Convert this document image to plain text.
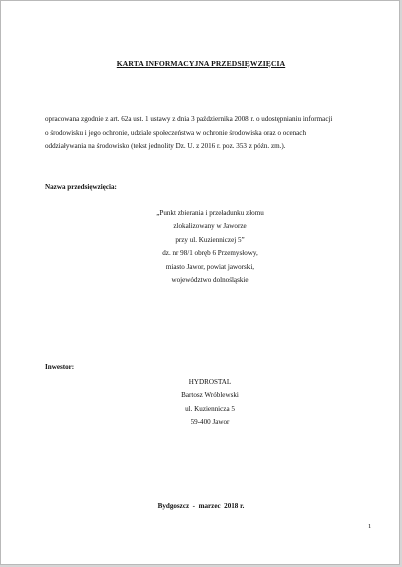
KARTA INFORMACYJNA PRZEDSIĘWZIĘCIA
opracowana zgodnie z art. 62a ust. 1 ustawy z dnia 3 października 2008 r. o udostępnianiu informacji
o środowisku i jego ochronie, udziale społeczeństwa w ochronie środowiska oraz o ocenach
oddziaływania na środowisko (tekst jednolity Dz. U. z 2016 r. poz. 353 z późn. zm.).
Nazwa przedsięwzięcia:
„Punkt zbierania i przeładunku złomu
zlokalizowany w Jaworze
przy ul. Kuzienniczej 5”
dz. nr 98/1 obręb 6 Przemysłowy,
miasto Jawor, powiat jaworski,
województwo dolnośląskie
Inwestor:
HYDROSTAL
Bartosz Wróblewski
ul. Kuziennicza 5
59-400 Jawor
Bydgoszcz  -  marzec  2018 r.
1
